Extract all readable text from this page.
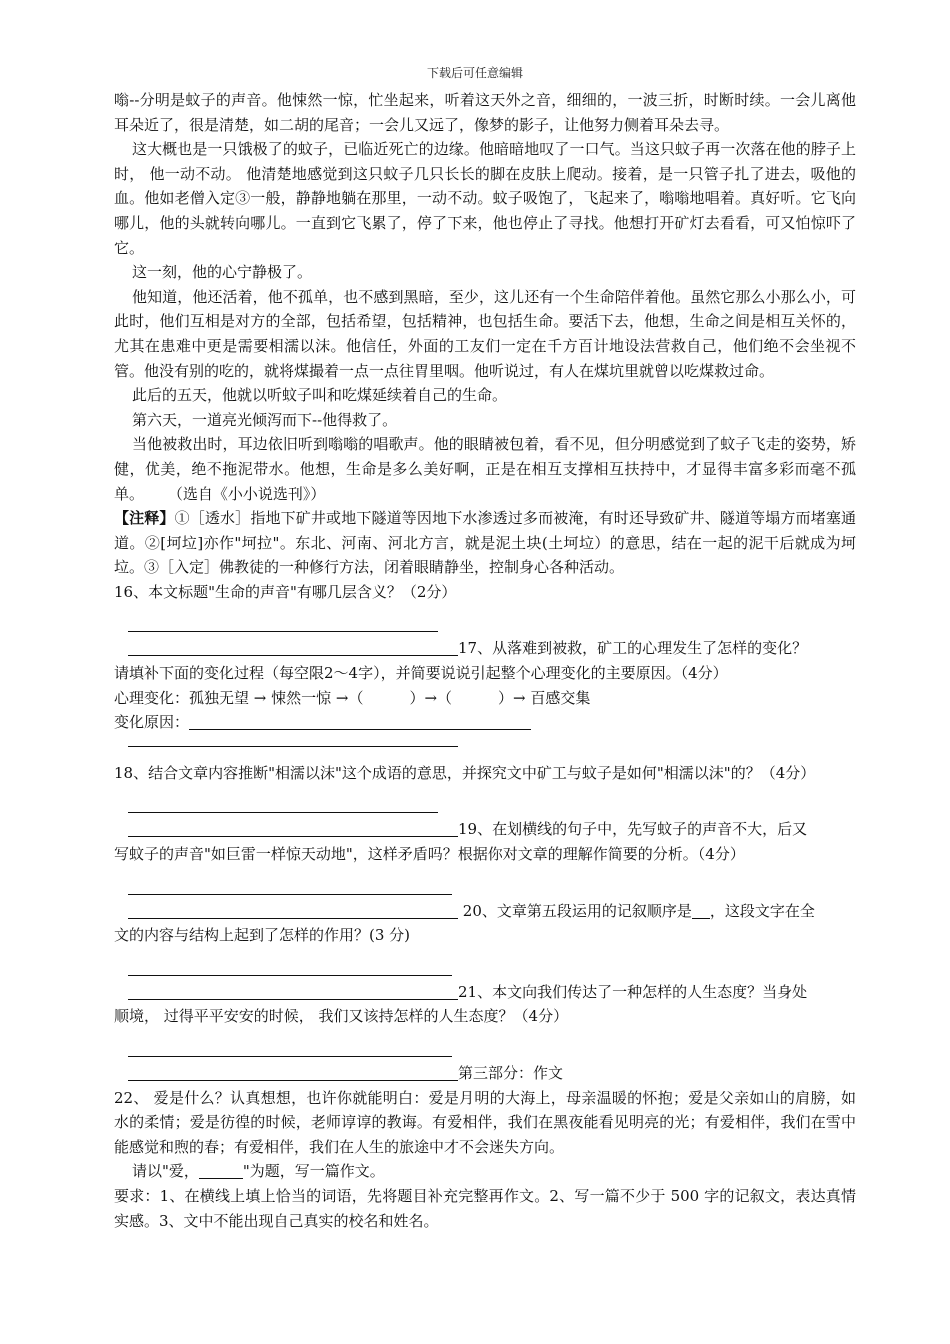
下载后可任意编辑

嗡--分明是蚊子的声音。他悚然一惊，忙坐起来，听着这天外之音，细细的，一波三折，时断时续。一会儿离他耳朵近了，很是清楚，如二胡的尾音；一会儿又远了，像梦的影子，让他努力侧着耳朵去寻。

这大概也是一只饿极了的蚊子，已临近死亡的边缘。他暗暗地叹了一口气。当这只蚊子再一次落在他的脖子上时， 他一动不动。 他清楚地感觉到这只蚊子几只长长的脚在皮肤上爬动。接着，是一只管子扎了进去，吸他的血。他如老僧入定③一般，静静地躺在那里，一动不动。蚊子吸饱了，飞起来了，嗡嗡地唱着。真好听。它飞向哪儿，他的头就转向哪儿。一直到它飞累了，停了下来，他也停止了寻找。他想打开矿灯去看看，可又怕惊吓了它。

这一刻，他的心宁静极了。

他知道，他还活着，他不孤单，也不感到黑暗，至少，这儿还有一个生命陪伴着他。虽然它那么小那么小，可此时，他们互相是对方的全部，包括希望，包括精神，也包括生命。要活下去，他想，生命之间是相互关怀的，尤其在患难中更是需要相濡以沫。他信任，外面的工友们一定在千方百计地设法营救自己，他们绝不会坐视不管。他没有别的吃的，就将煤撮着一点一点往胃里咽。他听说过，有人在煤坑里就曾以吃煤救过命。

此后的五天，他就以听蚊子叫和吃煤延续着自己的生命。

第六天，一道亮光倾泻而下--他得救了。

当他被救出时，耳边依旧听到嗡嗡的唱歌声。他的眼睛被包着，看不见，但分明感觉到了蚊子飞走的姿势，矫健，优美，绝不拖泥带水。他想，生命是多么美好啊，正是在相互支撑相互扶持中，才显得丰富多彩而毫不孤单。 （选自《小小说选刊》）

【注释】①［透水］指地下矿井或地下隧道等因地下水渗透过多而被淹，有时还导致矿井、隧道等塌方而堵塞通道。②[坷垃]亦作"坷拉"。东北、河南、河北方言，就是泥土块(土坷垃）的意思，结在一起的泥干后就成为坷垃。③［入定］佛教徒的一种修行方法，闭着眼睛静坐，控制身心各种活动。

16、本文标题"生命的声音"有哪几层含义？（2分）

17、从落难到被救，矿工的心理发生了怎样的变化？

请填补下面的变化过程（每空限2～4字），并简要说说引起整个心理变化的主要原因。（4分）

心理变化：孤独无望 → 悚然一惊 →（	）→（	）→ 百感交集

变化原因：

18、结合文章内容推断"相濡以沫"这个成语的意思，并探究文中矿工与蚊子是如何"相濡以沫"的？（4分）

19、在划横线的句子中，先写蚊子的声音不大，后又

写蚊子的声音"如巨雷一样惊天动地"，这样矛盾吗？根据你对文章的理解作简要的分析。（4分）

20、文章第五段运用的记叙顺序是 ，这段文字在全

文的内容与结构上起到了怎样的作用？(3 分)

21、本文向我们传达了一种怎样的人生态度？当身处

顺境， 过得平平安安的时候， 我们又该持怎样的人生态度？（4分）

第三部分：作文

22、 爱是什么？认真想想，也许你就能明白：爱是月明的大海上，母亲温暖的怀抱；爱是父亲如山的肩膀，如水的柔情；爱是彷徨的时候，老师谆谆的教诲。有爱相伴，我们在黑夜能看见明亮的光；有爱相伴，我们在雪中能感觉和煦的春；有爱相伴，我们在人生的旅途中才不会迷失方向。

请以"爱，	"为题，写一篇作文。

要求：1、在横线上填上恰当的词语，先将题目补充完整再作文。2、写一篇不少于 500 字的记叙文，表达真情实感。3、文中不能出现自己真实的校名和姓名。
